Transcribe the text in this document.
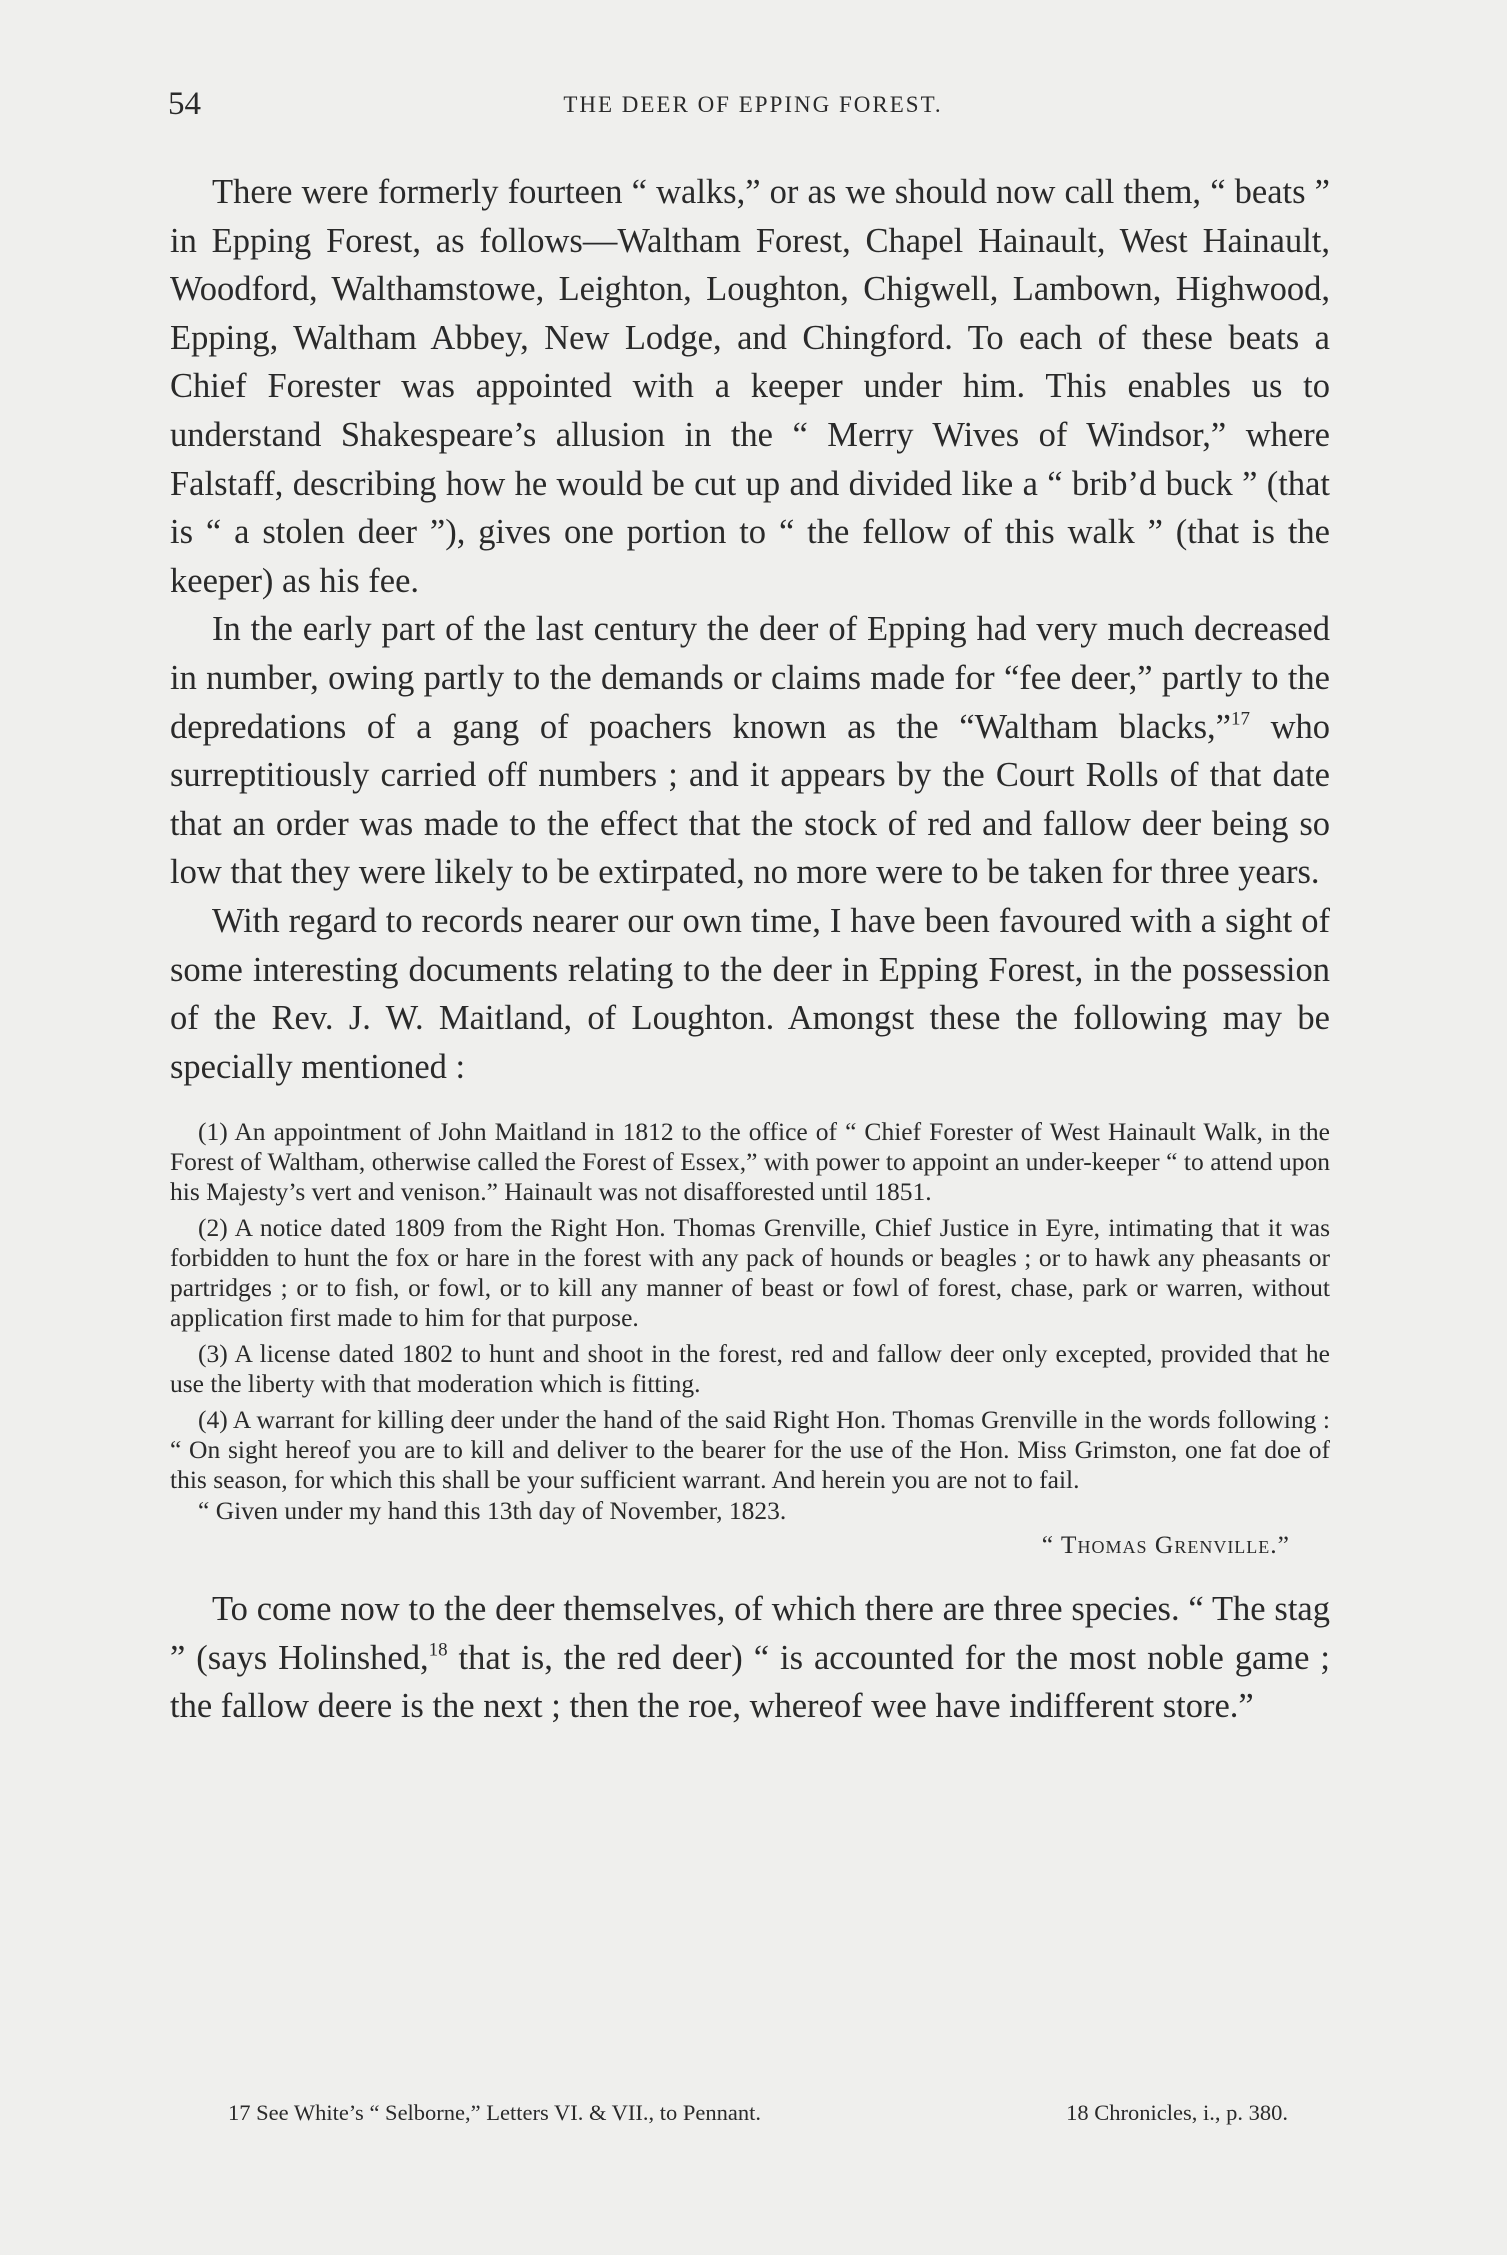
54	THE DEER OF EPPING FOREST.

There were formerly fourteen “ walks,” or as we should now call them, “ beats ” in Epping Forest, as follows—Waltham Forest, Chapel Hainault, West Hainault, Woodford, Walthamstowe, Leighton, Loughton, Chigwell, Lambown, Highwood, Epping, Waltham Abbey, New Lodge, and Chingford. To each of these beats a Chief Forester was appointed with a keeper under him. This enables us to understand Shakespeare’s allusion in the “ Merry Wives of Windsor,” where Falstaff, describing how he would be cut up and divided like a “ brib’d buck ” (that is “ a stolen deer ”), gives one portion to “ the fellow of this walk ” (that is the keeper) as his fee.

In the early part of the last century the deer of Epping had very much decreased in number, owing partly to the demands or claims made for “fee deer,” partly to the depredations of a gang of poachers known as the “Waltham blacks,”$^{17}$ who surreptitiously carried off numbers ; and it appears by the Court Rolls of that date that an order was made to the effect that the stock of red and fallow deer being so low that they were likely to be extirpated, no more were to be taken for three years.

With regard to records nearer our own time, I have been favoured with a sight of some interesting documents relating to the deer in Epping Forest, in the possession of the Rev. J. W. Maitland, of Loughton. Amongst these the following may be specially mentioned :

(1) An appointment of John Maitland in 1812 to the office of “ Chief Forester of West Hainault Walk, in the Forest of Waltham, otherwise called the Forest of Essex,” with power to appoint an under-keeper “ to attend upon his Majesty’s vert and venison.” Hainault was not disafforested until 1851.

(2) A notice dated 1809 from the Right Hon. Thomas Grenville, Chief Justice in Eyre, intimating that it was forbidden to hunt the fox or hare in the forest with any pack of hounds or beagles ; or to hawk any pheasants or partridges ; or to fish, or fowl, or to kill any manner of beast or fowl of forest, chase, park or warren, without application first made to him for that purpose.

(3) A license dated 1802 to hunt and shoot in the forest, red and fallow deer only excepted, provided that he use the liberty with that moderation which is fitting.

(4) A warrant for killing deer under the hand of the said Right Hon. Thomas Grenville in the words following : “ On sight hereof you are to kill and deliver to the bearer for the use of the Hon. Miss Grimston, one fat doe of this season, for which this shall be your sufficient warrant. And herein you are not to fail.

“ Given under my hand this 13th day of November, 1823.

“ Thomas Grenville.”

To come now to the deer themselves, of which there are three species. “ The stag ” (says Holinshed,$^{18}$ that is, the red deer) “ is accounted for the most noble game ; the fallow deere is the next ; then the roe, whereof wee have indifferent store.”

17 See White’s “ Selborne,” Letters VI. & VII., to Pennant.	18 Chronicles, i., p. 380.
